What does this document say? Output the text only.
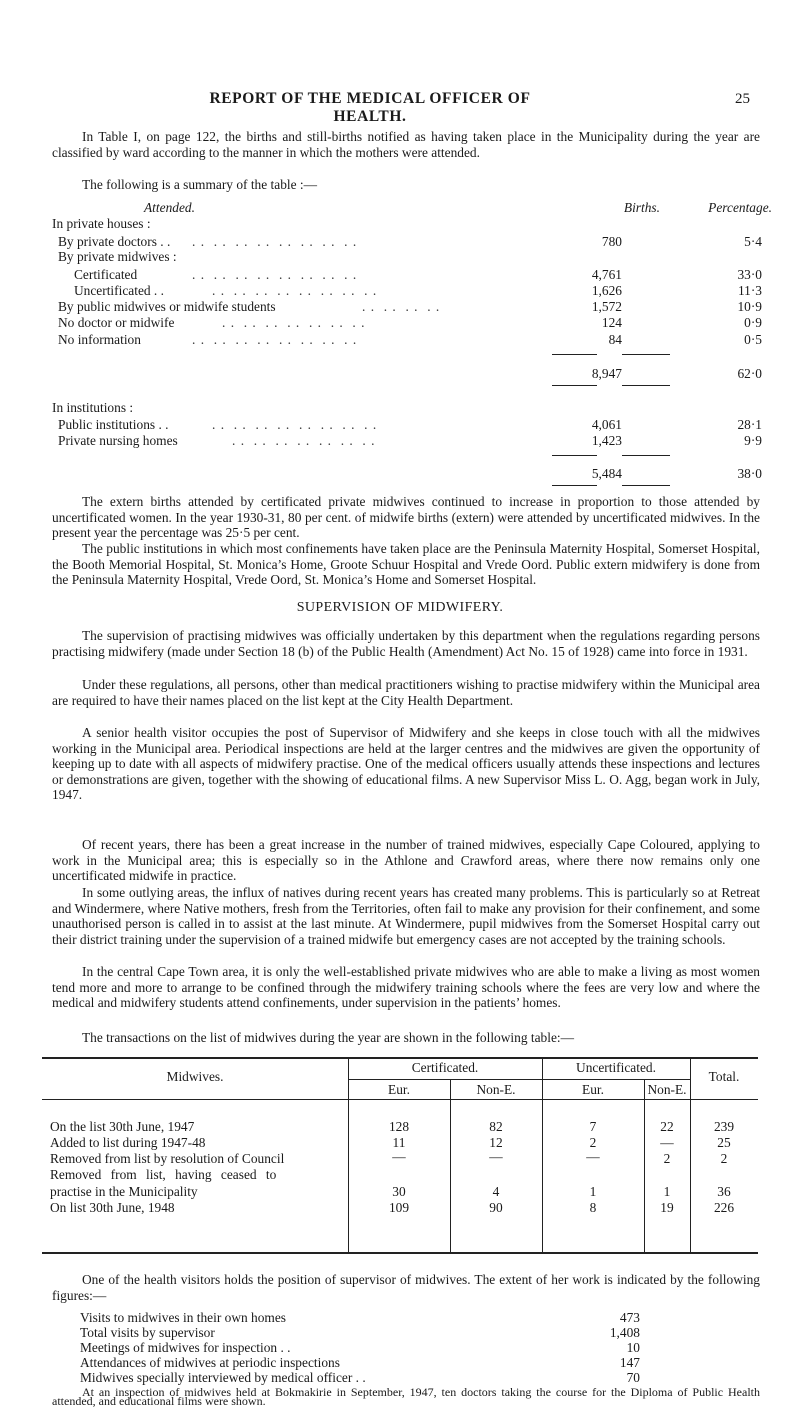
REPORT OF THE MEDICAL OFFICER OF HEALTH.
25

In Table I, on page 122, the births and still-births notified as having taken place in the Municipality during the year are classified by ward according to the manner in which the mothers were attended.

The following is a summary of the table :—

Attended.	Births.	Percentage.
In private houses :
By private doctors . . . .  . .  . .  . .  . .  . .  . .  . .	780	5·4
By private midwives :
Certificated	. .  . .  . .  . .  . .  . .  . .  . .	4,761	33·0
Uncertificated . .	. .  . .  . .  . .  . .  . .  . .  . .	1,626	11·3
By public midwives or midwife students	. .  . .  . .  . .	1,572	10·9
No doctor or midwife	. .  . .  . .  . .  . .  . .  . .	124	0·9
No information	. .  . .  . .  . .  . .  . .  . .  . .	84	0·5
8,947	62·0
In institutions :
Public institutions . .	. .  . .  . .  . .  . .  . .  . .  . .	4,061	28·1
Private nursing homes	. .  . .  . .  . .  . .  . .  . .	1,423	9·9
5,484	38·0

The extern births attended by certificated private midwives continued to increase in proportion to those attended by uncertificated women. In the year 1930-31, 80 per cent. of midwife births (extern) were attended by uncertificated midwives. In the present year the percentage was 25·5 per cent.

The public institutions in which most confinements have taken place are the Peninsula Maternity Hospital, Somerset Hospital, the Booth Memorial Hospital, St. Monica’s Home, Groote Schuur Hospital and Vrede Oord. Public extern midwifery is done from the Peninsula Maternity Hospital, Vrede Oord, St. Monica’s Home and Somerset Hospital.

SUPERVISION OF MIDWIFERY.

The supervision of practising midwives was officially undertaken by this department when the regulations regarding persons practising midwifery (made under Section 18 (b) of the Public Health (Amendment) Act No. 15 of 1928) came into force in 1931.

Under these regulations, all persons, other than medical practitioners wishing to practise midwifery within the Municipal area are required to have their names placed on the list kept at the City Health Department.

A senior health visitor occupies the post of Supervisor of Midwifery and she keeps in close touch with all the midwives working in the Municipal area. Periodical inspections are held at the larger centres and the midwives are given the opportunity of keeping up to date with all aspects of midwifery practise. One of the medical officers usually attends these inspections and lectures or demonstrations are given, together with the showing of educational films. A new Supervisor Miss L. O. Agg, began work in July, 1947.

Of recent years, there has been a great increase in the number of trained midwives, especially Cape Coloured, applying to work in the Municipal area; this is especially so in the Athlone and Crawford areas, where there now remains only one uncertificated midwife in practice.

In some outlying areas, the influx of natives during recent years has created many problems. This is particularly so at Retreat and Windermere, where Native mothers, fresh from the Territories, often fail to make any provision for their confinement, and some unauthorised person is called in to assist at the last minute. At Windermere, pupil midwives from the Somerset Hospital carry out their district training under the supervision of a trained midwife but emergency cases are not accepted by the training schools.

In the central Cape Town area, it is only the well-established private midwives who are able to make a living as most women tend more and more to arrange to be confined through the midwifery training schools where the fees are very low and where the medical and midwifery students attend confinements, under supervision in the patients’ homes.

The transactions on the list of midwives during the year are shown in the following table:—

Midwives.
Certificated.	Uncertificated.
Total.
Eur.	Non-E.	Eur.	Non-E.
On the list 30th June, 1947	128	82	7	22	239
Added to list during 1947-48	11	12	2	—	25
Removed from list by resolution of Council	—	—	—	2	2
Removed from list, having ceased to
practise in the Municipality	30	4	1	1	36
On list 30th June, 1948	109	90	8	19	226

One of the health visitors holds the position of supervisor of midwives. The extent of her work is indicated by the following figures:—

Visits to midwives in their own homes	473
Total visits by supervisor	1,408
Meetings of midwives for inspection . .	10
Attendances of midwives at periodic inspections	147
Midwives specially interviewed by medical officer . .	70

At an inspection of midwives held at Bokmakirie in September, 1947, ten doctors taking the course for the Diploma of Public Health attended, and educational films were shown.
